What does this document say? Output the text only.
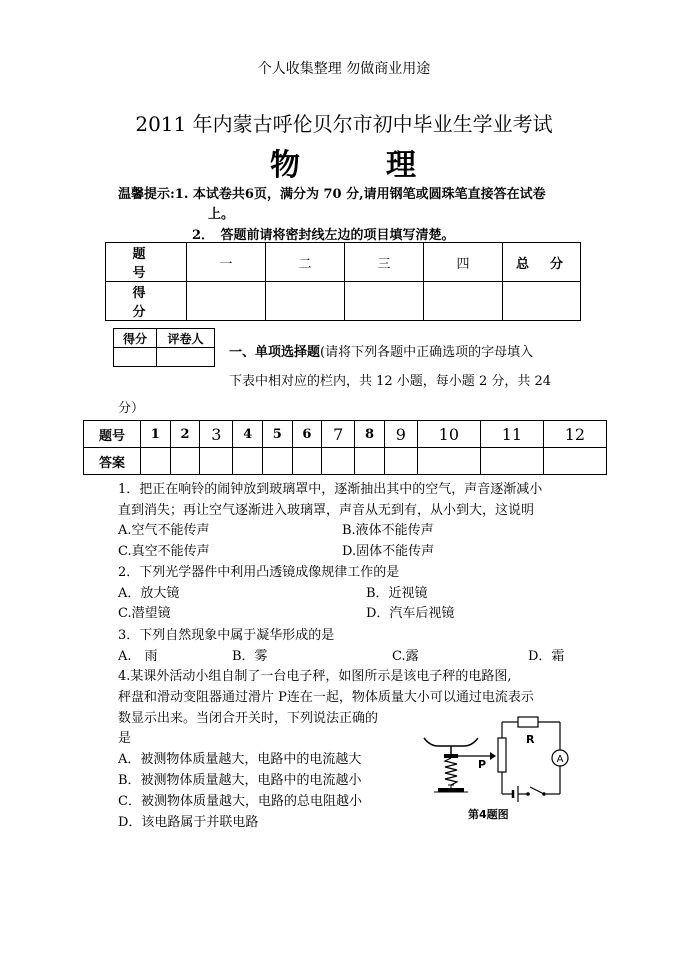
个人收集整理 勿做商业用途
2011 年内蒙古呼伦贝尔市初中毕业生学业考试
物	理
温馨提示:1. 本试卷共6页，满分为 70 分,请用钢笔或圆珠笔直接答在试卷
上。
2．　答题前请将密封线左边的项目填写清楚。
题　号	一	二	三	四	总　分
得　分					
得分	评卷人

一、单项选择题(请将下列各题中正确选项的字母填入
下表中相对应的栏内，共 12 小题，每小题 2 分，共 24
分）
题号	1	2	3	4	5	6	7	8	9	10	11	12
答案												
1．把正在响铃的闹钟放到玻璃罩中，逐渐抽出其中的空气，声音逐渐减小
直到消失；再让空气逐渐进入玻璃罩，声音从无到有，从小到大，这说明
A.空气不能传声	B.液体不能传声
C.真空不能传声	D.固体不能传声
2．下列光学器件中利用凸透镜成像规律工作的是
A．放大镜	B．近视镜
C.潜望镜	D．汽车后视镜
3．下列自然现象中属于凝华形成的是
A.　雨	B．雾	C.露	D．霜
4.某课外活动小组自制了一台电子秤，如图所示是该电子秤的电路图,
秤盘和滑动变阻器通过滑片 P连在一起，物体质量大小可以通过电流表示
数显示出来。当闭合开关时，下列说法正确的
是
A．被测物体质量越大，电路中的电流越大
B．被测物体质量越大，电路中的电流越小
C．被测物体质量越大，电路的总电阻越小
D．该电路属于并联电路
A
R
P
第4题图
